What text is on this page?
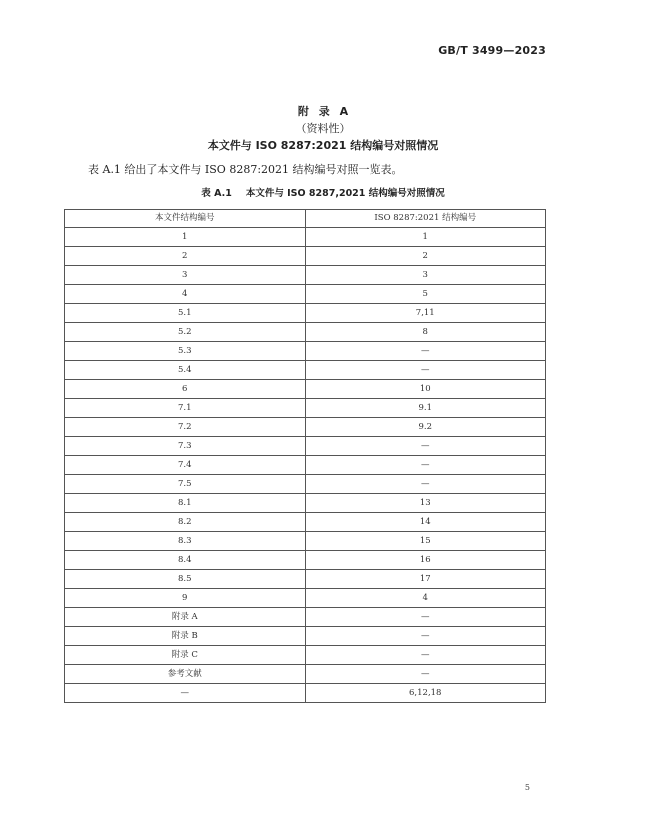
GB/T 3499—2023
附 录 A
（资料性）
本文件与 ISO 8287:2021 结构编号对照情况
表 A.1 给出了本文件与 ISO 8287:2021 结构编号对照一览表。
表 A.1 本文件与 ISO 8287,2021 结构编号对照情况
本文件结构编号	ISO 8287:2021 结构编号
1	1
2	2
3	3
4	5
5.1	7,11
5.2	8
5.3	—
5.4	—
6	10
7.1	9.1
7.2	9.2
7.3	—
7.4	—
7.5	—
8.1	13
8.2	14
8.3	15
8.4	16
8.5	17
9	4
附录 A	—
附录 B	—
附录 C	—
参考文献	—
—	6,12,18
5
